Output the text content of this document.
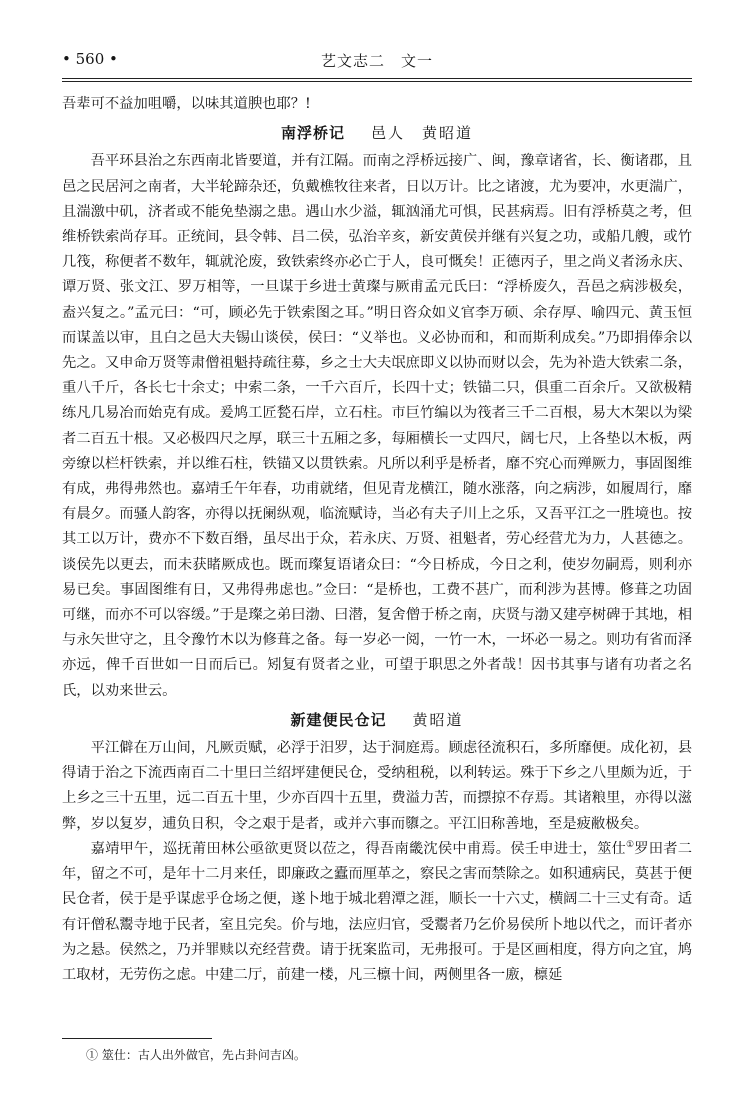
• 560 •	艺文志二　文一

吾辈可不益加咀嚼，以味其道腴也耶？!

南浮桥记 邑人　黄昭道

吾平环县治之东西南北皆要道，并有江隔。而南之浮桥远接广、闽，豫章诸省，长、衡诸郡，且邑之民居河之南者，大半轮蹄杂还，负戴樵牧往来者，日以万计。比之诸渡，尤为要冲，水更湍广，且湍激中矶，济者或不能免垫溺之患。遇山水少溢，辄汹涌尤可惧，民甚病焉。旧有浮桥莫之考，但维桥铁索尚存耳。正统间，县令韩、吕二侯，弘治辛亥，新安黄侯并继有兴复之功，或船几艘，或竹几筏，称便者不数年，辄就沦废，致铁索终亦必亡于人，良可慨矣！正德丙子，里之尚义者汤永庆、谭万贤、张文江、罗万相等，一旦谋于乡进士黄璨与厥甫孟元氏曰：“浮桥废久，吾邑之病涉极矣，盍兴复之。”孟元曰：“可，顾必先于铁索图之耳。”明日咨众如义官李万硕、余存厚、喻四元、黄玉恒而谋盖以审，且白之邑大夫锡山谈侯，侯曰：“义举也。义必协而和，和而斯利成矣。”乃即捐俸余以先之。又申命万贤等肃僧祖魁持疏往募，乡之士大夫氓庶即义以协而财以会，先为补造大铁索二条，重八千斤，各长七十余丈；中索二条，一千六百斤，长四十丈；铁锚二只，俱重二百余斤。又欲极精练凡几易冶而始克有成。爰鸠工匠甃石岸，立石柱。市巨竹编以为筏者三千二百根，易大木架以为梁者二百五十根。又必极四尺之厚，联三十五厢之多，每厢横长一丈四尺，阔七尺，上各垫以木板，两旁缭以栏杆铁索，并以维石柱，铁锚又以贯铁索。凡所以利乎是桥者，靡不究心而殚厥力，事固图维有成，弗得弗然也。嘉靖壬午年春，功甫就绪，但见青龙横江，随水涨落，向之病涉，如履周行，靡有晨夕。而骚人韵客，亦得以抚阑纵观，临流赋诗，当必有夫子川上之乐，又吾平江之一胜境也。按其工以万计，费亦不下数百缗，虽尽出于众，若永庆、万贤、祖魁者，劳心经营尤为力，人甚德之。谈侯先以更去，而未获睹厥成也。既而璨复语诸众曰：“今日桥成，今日之利，使岁勿嗣焉，则利亦易已矣。事固图维有日，又弗得弗虑也。”佥曰：“是桥也，工费不甚广，而利涉为甚博。修葺之功固可继，而亦不可以容缓。”于是璨之弟曰渤、曰潜，复舍僧于桥之南，庆贤与渤又建亭树碑于其地，相与永矢世守之，且令豫竹木以为修葺之备。每一岁必一阅，一竹一木，一坏必一易之。则功有省而泽亦远，俾千百世如一日而后已。矧复有贤者之业，可望于职思之外者哉！因书其事与诸有功者之名氏，以劝来世云。

新建便民仓记 黄昭道

平江僻在万山间，凡厥贡赋，必浮于汨罗，达于洞庭焉。顾虑径流积石，多所靡便。成化初，县得请于治之下流西南百二十里曰兰绍坪建便民仓，受纳租税，以利转运。殊于下乡之八里颇为近，于上乡之三十五里，远二百五十里，少亦百四十五里，费溢力苦，而摽掠不存焉。其诸粮里，亦得以滋弊，岁以复岁，逋负日积，令之艰于是者，或并六事而隳之。平江旧称善地，至是疲敝极矣。

嘉靖甲午，巡抚莆田林公亟欲更贤以莅之，得吾南畿沈侯中甫焉。侯壬申进士，筮仕①罗田者二年，留之不可，是年十二月来任，即廉政之蠹而厘革之，察民之害而禁除之。如积逋病民，莫甚于便民仓者，侯于是乎谋虑乎仓场之便，遂卜地于城北碧潭之涯，顺长一十六丈，横阔二十三丈有奇。适有讦僧私鬻寺地于民者，室且完矣。价与地，法应归官，受鬻者乃乞价易侯所卜地以代之，而讦者亦为之悬。侯然之，乃并罪赎以充经营费。请于抚案监司，无弗报可。于是区画相度，得方向之宜，鸠工取材，无劳伤之虑。中建二厅，前建一楼，凡三檩十间，两侧里各一廒，檩延

① 筮仕：古人出外做官，先占卦问吉凶。
